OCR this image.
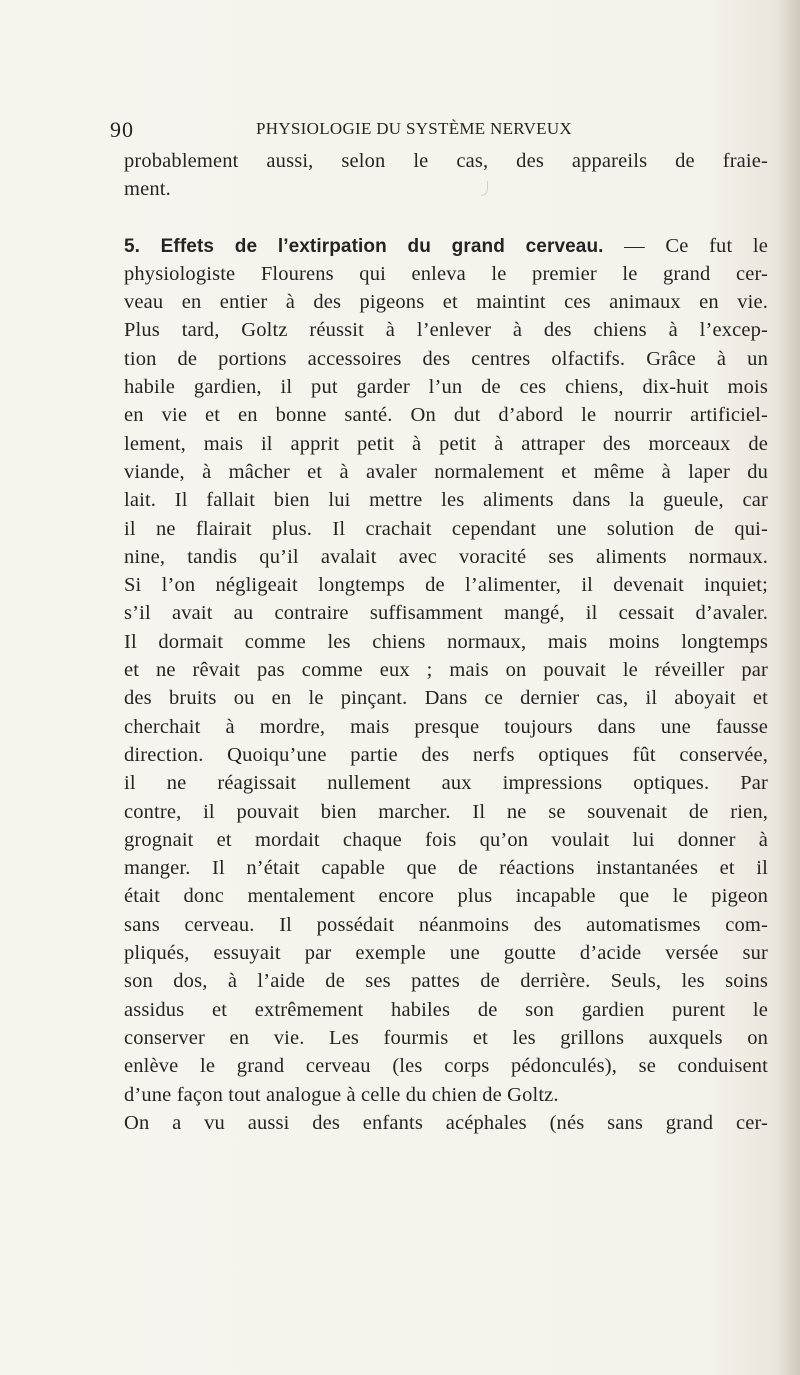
90	PHYSIOLOGIE DU SYSTÈME NERVEUX
probablement aussi, selon le cas, des appareils de fraie-
ment.
5. Effets de l’extirpation du grand cerveau. — Ce fut le
physiologiste Flourens qui enleva le premier le grand cer-
veau en entier à des pigeons et maintint ces animaux en vie.
Plus tard, Goltz réussit à l’enlever à des chiens à l’excep-
tion de portions accessoires des centres olfactifs. Grâce à un
habile gardien, il put garder l’un de ces chiens, dix-huit mois
en vie et en bonne santé. On dut d’abord le nourrir artificiel-
lement, mais il apprit petit à petit à attraper des morceaux de
viande, à mâcher et à avaler normalement et même à laper du
lait. Il fallait bien lui mettre les aliments dans la gueule, car
il ne flairait plus. Il crachait cependant une solution de qui-
nine, tandis qu’il avalait avec voracité ses aliments normaux.
Si l’on négligeait longtemps de l’alimenter, il devenait inquiet;
s’il avait au contraire suffisamment mangé, il cessait d’avaler.
Il dormait comme les chiens normaux, mais moins longtemps
et ne rêvait pas comme eux ; mais on pouvait le réveiller par
des bruits ou en le pinçant. Dans ce dernier cas, il aboyait et
cherchait à mordre, mais presque toujours dans une fausse
direction. Quoiqu’une partie des nerfs optiques fût conservée,
il ne réagissait nullement aux impressions optiques. Par
contre, il pouvait bien marcher. Il ne se souvenait de rien,
grognait et mordait chaque fois qu’on voulait lui donner à
manger. Il n’était capable que de réactions instantanées et il
était donc mentalement encore plus incapable que le pigeon
sans cerveau. Il possédait néanmoins des automatismes com-
pliqués, essuyait par exemple une goutte d’acide versée sur
son dos, à l’aide de ses pattes de derrière. Seuls, les soins
assidus et extrêmement habiles de son gardien purent le
conserver en vie. Les fourmis et les grillons auxquels on
enlève le grand cerveau (les corps pédonculés), se conduisent
d’une façon tout analogue à celle du chien de Goltz.
On a vu aussi des enfants acéphales (nés sans grand cer-
